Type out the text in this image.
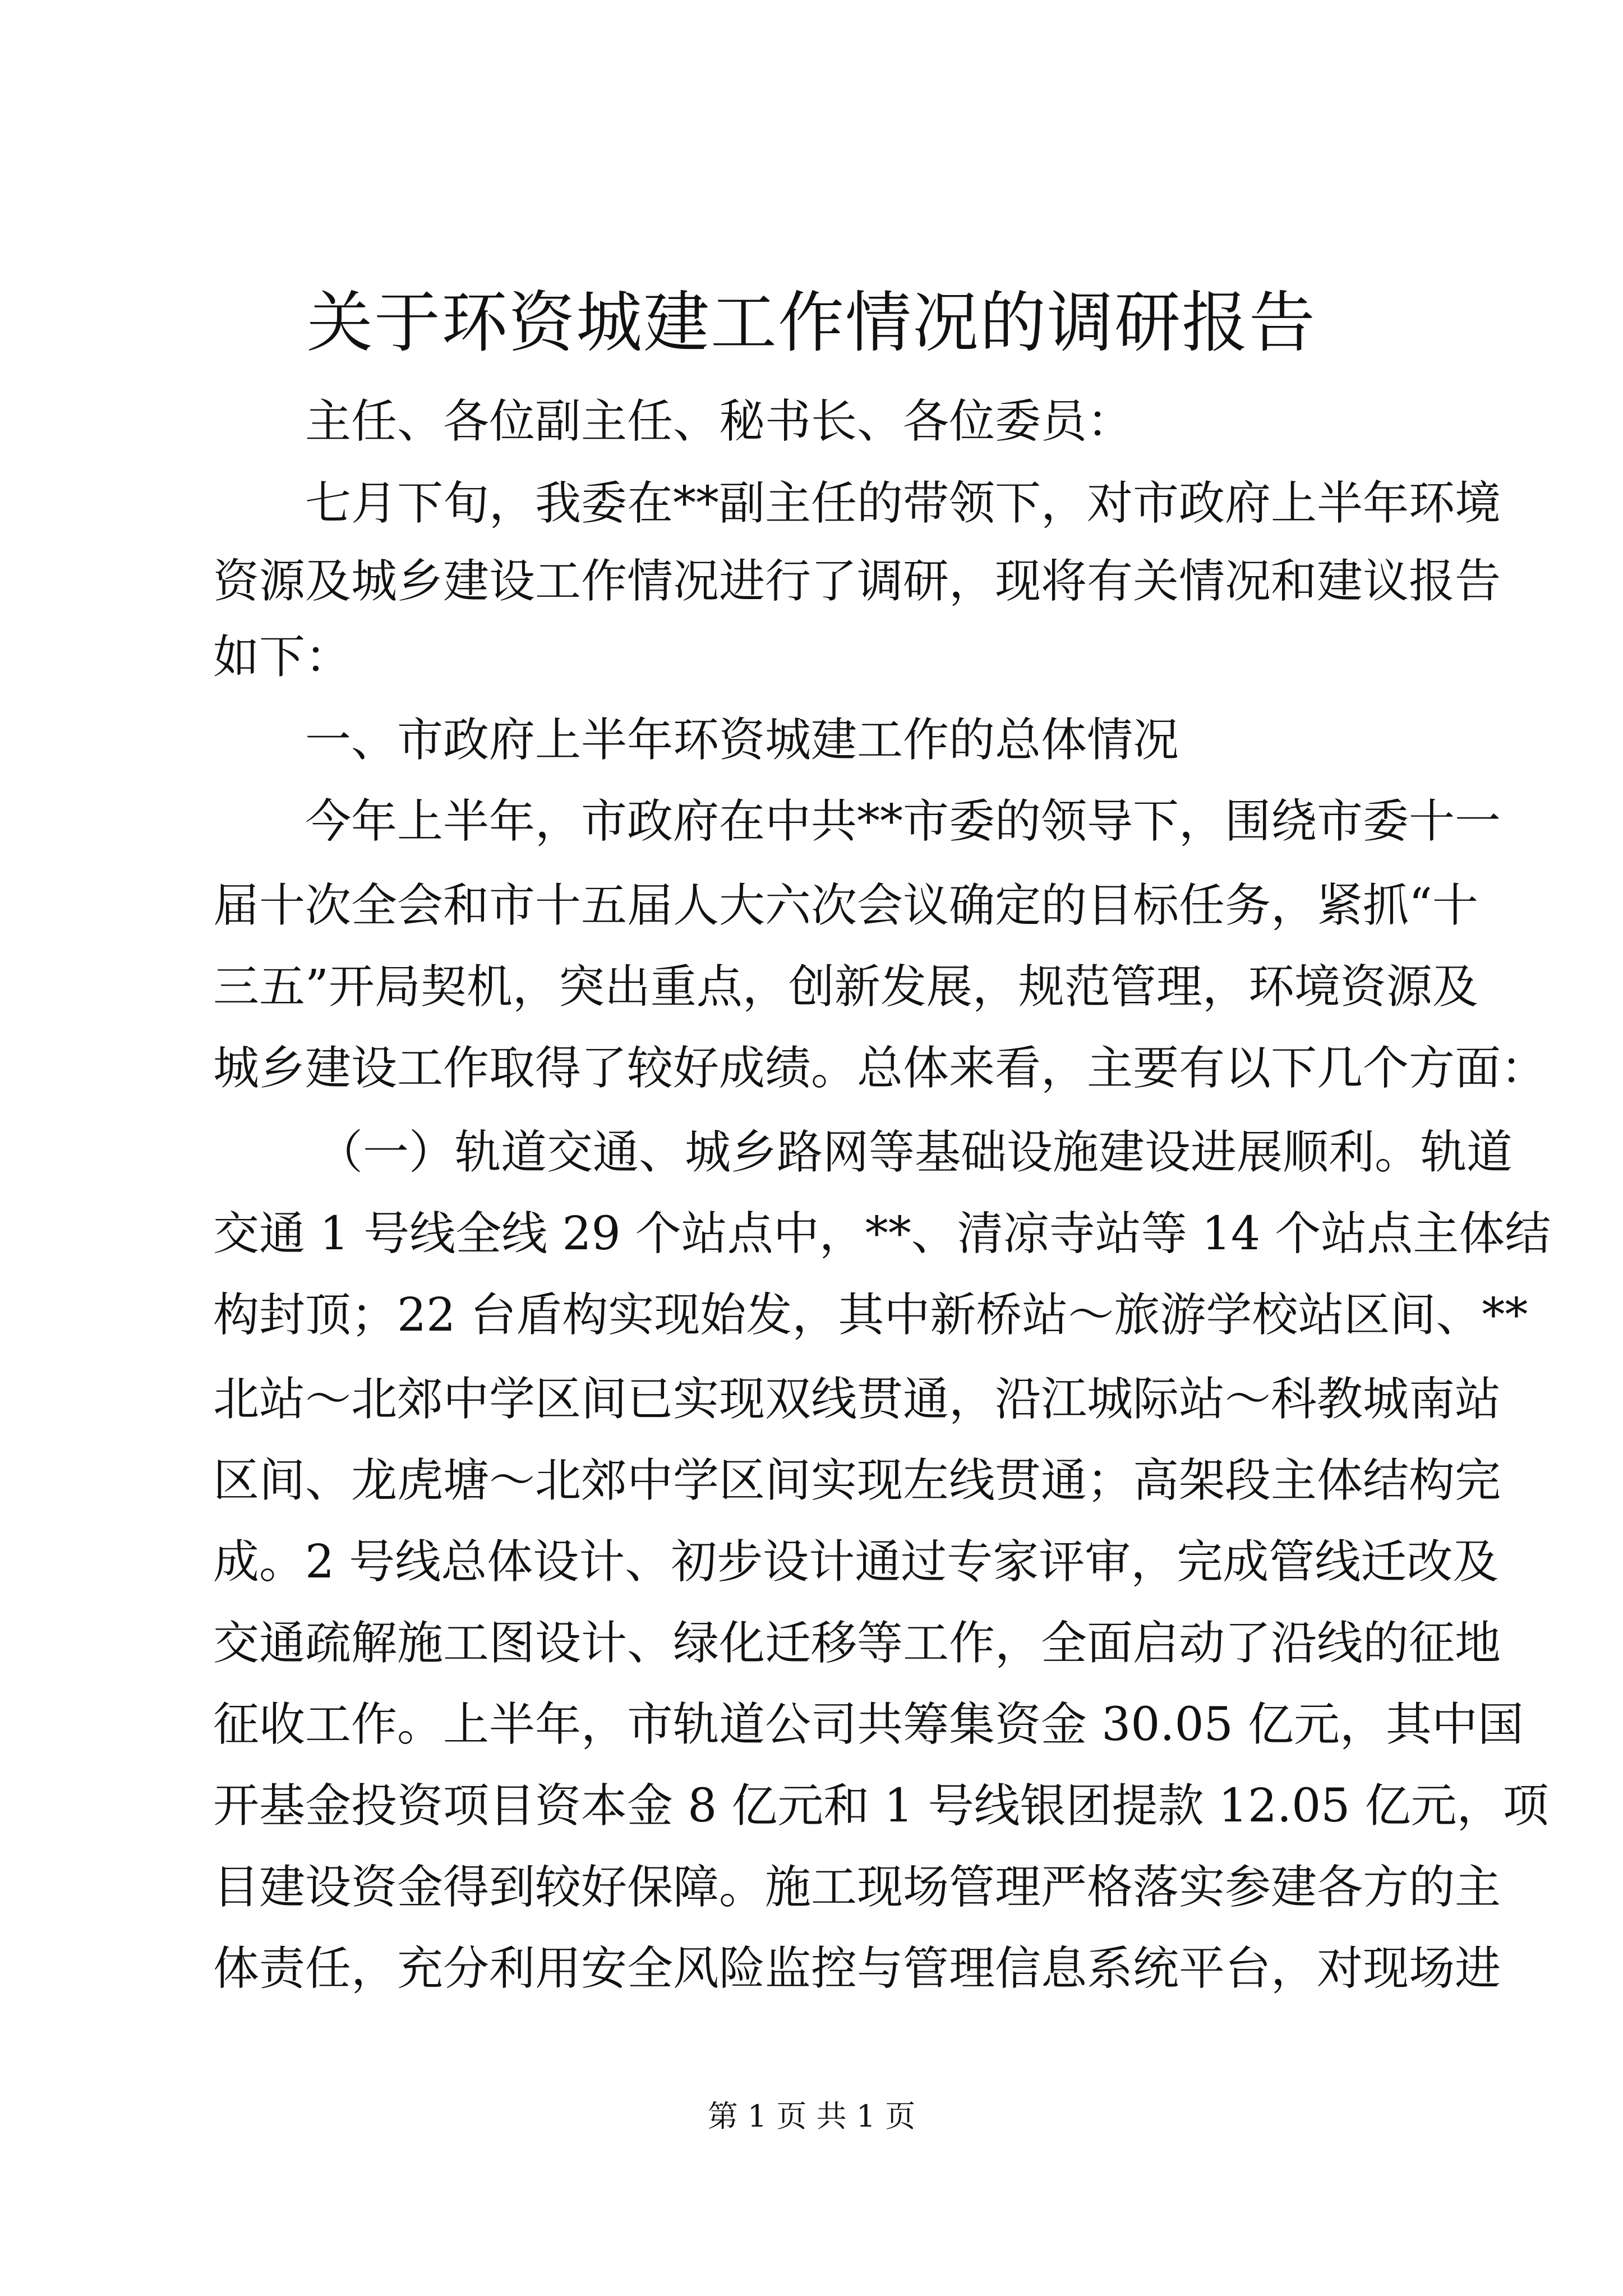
关于环资城建工作情况的调研报告

主任、各位副主任、秘书长、各位委员：

七月下旬，我委在**副主任的带领下，对市政府上半年环境

资源及城乡建设工作情况进行了调研，现将有关情况和建议报告

如下：

一、市政府上半年环资城建工作的总体情况

今年上半年，市政府在中共**市委的领导下，围绕市委十一

届十次全会和市十五届人大六次会议确定的目标任务，紧抓“十

三五”开局契机，突出重点，创新发展，规范管理，环境资源及

城乡建设工作取得了较好成绩。总体来看，主要有以下几个方面：

（一）轨道交通、城乡路网等基础设施建设进展顺利。轨道

交通 1 号线全线 29 个站点中，**、清凉寺站等 14 个站点主体结

构封顶；22 台盾构实现始发，其中新桥站～旅游学校站区间、**

北站～北郊中学区间已实现双线贯通，沿江城际站～科教城南站

区间、龙虎塘～北郊中学区间实现左线贯通；高架段主体结构完

成。2 号线总体设计、初步设计通过专家评审，完成管线迁改及

交通疏解施工图设计、绿化迁移等工作，全面启动了沿线的征地

征收工作。上半年，市轨道公司共筹集资金 30.05 亿元，其中国

开基金投资项目资本金 8 亿元和 1 号线银团提款 12.05 亿元，项

目建设资金得到较好保障。施工现场管理严格落实参建各方的主

体责任，充分利用安全风险监控与管理信息系统平台，对现场进

第 1 页 共 1 页
